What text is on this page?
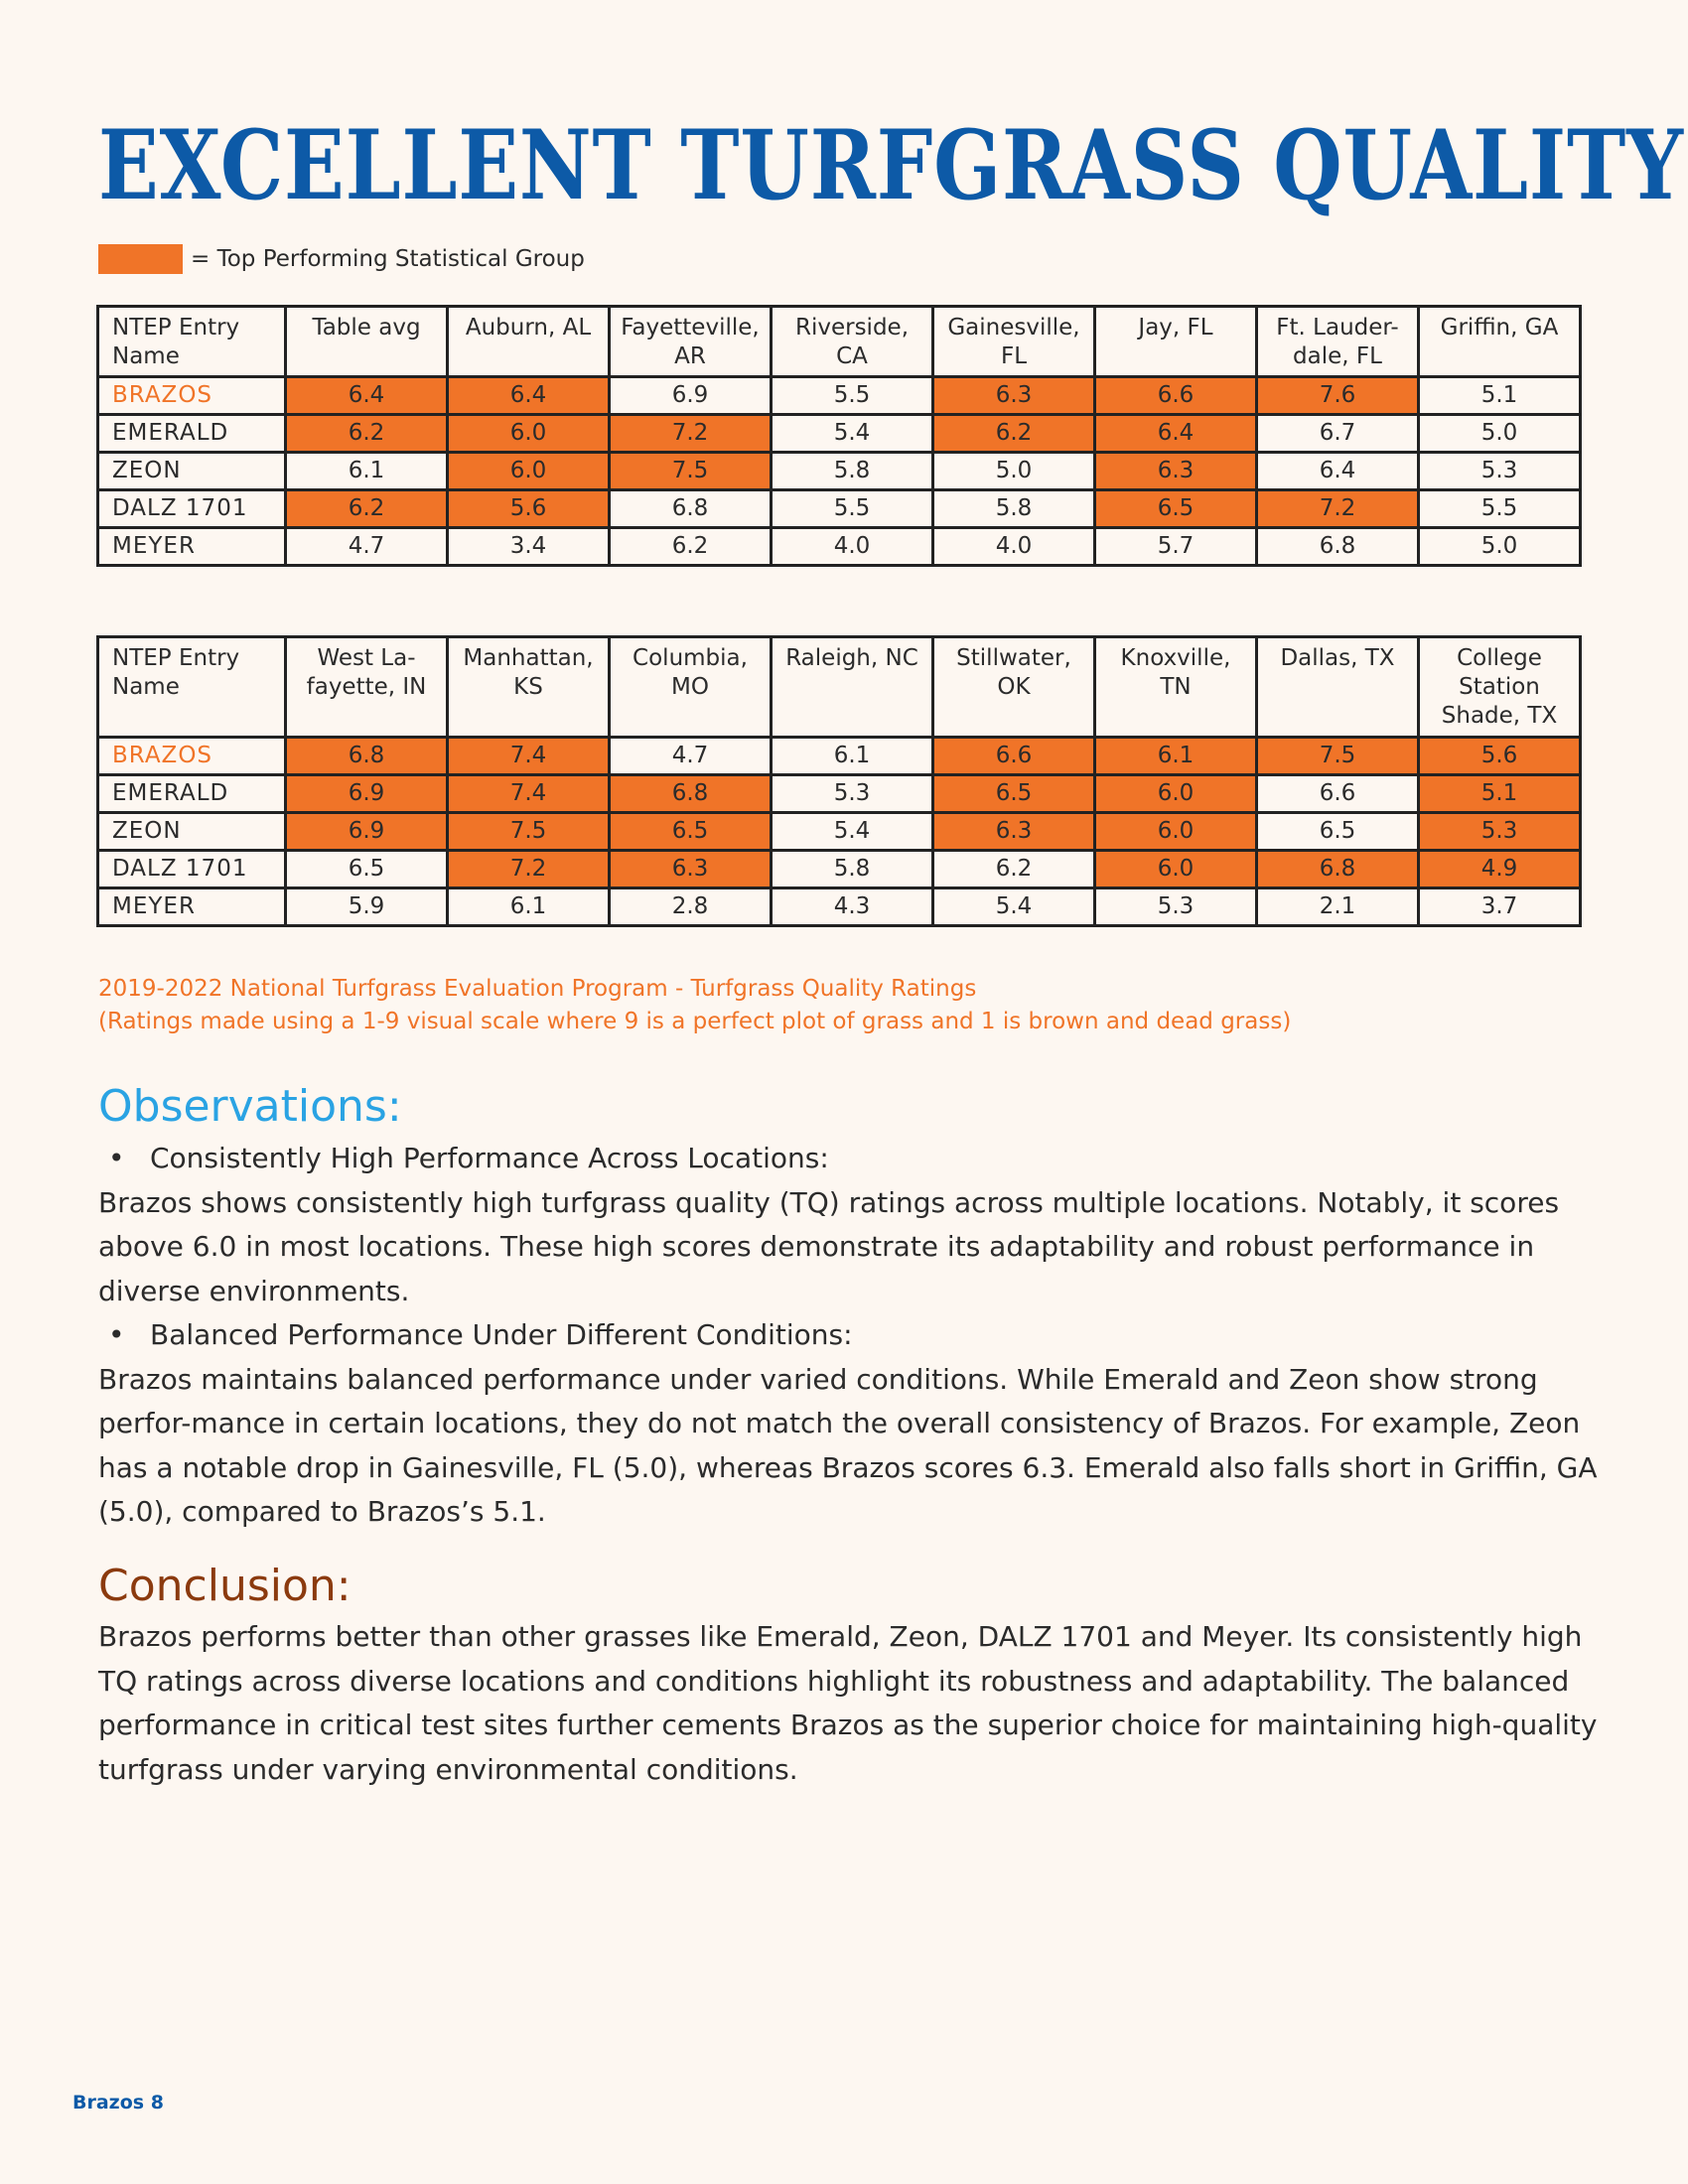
EXCELLENT TURFGRASS QUALITY
= Top Performing Statistical Group
NTEP Entry Name	Table avg	Auburn, AL	Fayetteville, AR	Riverside, CA	Gainesville, FL	Jay, FL	Ft. Lauder-dale, FL	Griffin, GA
BRAZOS	6.4	6.4	6.9	5.5	6.3	6.6	7.6	5.1
EMERALD	6.2	6.0	7.2	5.4	6.2	6.4	6.7	5.0
ZEON	6.1	6.0	7.5	5.8	5.0	6.3	6.4	5.3
DALZ 1701	6.2	5.6	6.8	5.5	5.8	6.5	7.2	5.5
MEYER	4.7	3.4	6.2	4.0	4.0	5.7	6.8	5.0
NTEP Entry Name	West La-fayette, IN	Manhattan, KS	Columbia, MO	Raleigh, NC	Stillwater, OK	Knoxville, TN	Dallas, TX	College Station Shade, TX
BRAZOS	6.8	7.4	4.7	6.1	6.6	6.1	7.5	5.6
EMERALD	6.9	7.4	6.8	5.3	6.5	6.0	6.6	5.1
ZEON	6.9	7.5	6.5	5.4	6.3	6.0	6.5	5.3
DALZ 1701	6.5	7.2	6.3	5.8	6.2	6.0	6.8	4.9
MEYER	5.9	6.1	2.8	4.3	5.4	5.3	2.1	3.7
2019-2022 National Turfgrass Evaluation Program - Turfgrass Quality Ratings
(Ratings made using a 1-9 visual scale where 9 is a perfect plot of grass and 1 is brown and dead grass)
Observations:
• Consistently High Performance Across Locations:

Brazos shows consistently high turfgrass quality (TQ) ratings across multiple locations. Notably, it scores above 6.0 in most locations. These high scores demonstrate its adaptability and robust performance in diverse environments.

• Balanced Performance Under Different Conditions:

Brazos maintains balanced performance under varied conditions. While Emerald and Zeon show strong perfor-mance in certain locations, they do not match the overall consistency of Brazos. For example, Zeon has a notable drop in Gainesville, FL (5.0), whereas Brazos scores 6.3. Emerald also falls short in Griffin, GA (5.0), compared to Brazos’s 5.1.

Conclusion:

Brazos performs better than other grasses like Emerald, Zeon, DALZ 1701 and Meyer. Its consistently high TQ ratings across diverse locations and conditions highlight its robustness and adaptability. The balanced performance in critical test sites further cements Brazos as the superior choice for maintaining high-quality turfgrass under varying environmental conditions.

Brazos 8
